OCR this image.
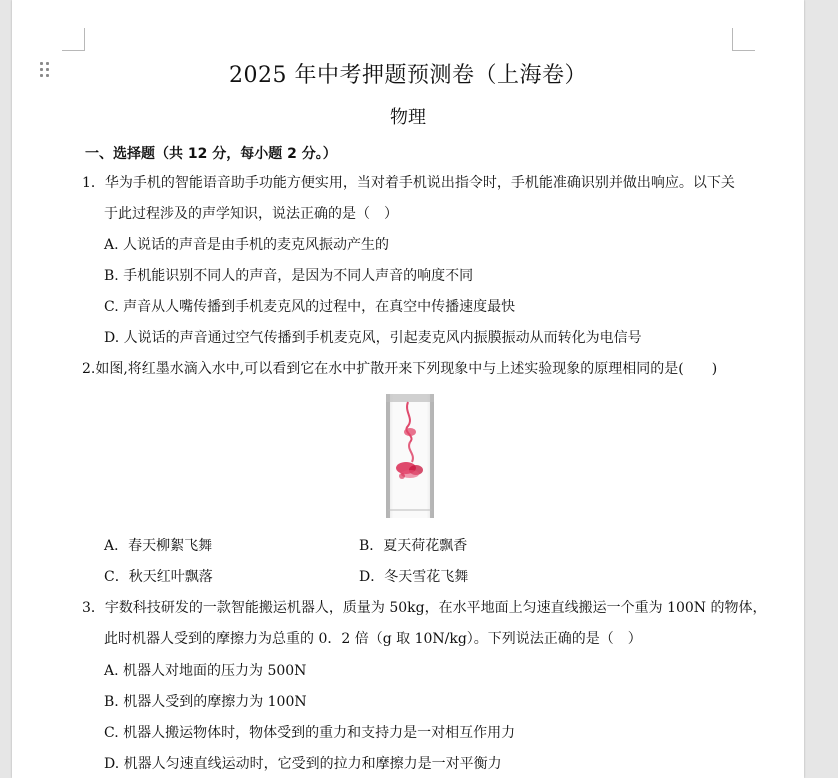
2025 年中考押题预测卷（上海卷）
物理
一、选择题（共 12 分，每小题 2 分。）
1．华为手机的智能语音助手功能方便实用，当对着手机说出指令时，手机能准确识别并做出响应。以下关
于此过程涉及的声学知识，说法正确的是（　）
A. 人说话的声音是由手机的麦克风振动产生的
B. 手机能识别不同人的声音，是因为不同人声音的响度不同
C. 声音从人嘴传播到手机麦克风的过程中，在真空中传播速度最快
D. 人说话的声音通过空气传播到手机麦克风，引起麦克风内振膜振动从而转化为电信号
2.如图,将红墨水滴入水中,可以看到它在水中扩散开来下列现象中与上述实验现象的原理相同的是(　　)
A．春天柳絮飞舞	B．夏天荷花飘香
C．秋天红叶飘落	D．冬天雪花飞舞
3．宇数科技研发的一款智能搬运机器人，质量为 50kg，在水平地面上匀速直线搬运一个重为 100N 的物体，
此时机器人受到的摩擦力为总重的 0．2 倍（g 取 10N/kg）。下列说法正确的是（　）
A. 机器人对地面的压力为 500N
B. 机器人受到的摩擦力为 100N
C. 机器人搬运物体时，物体受到的重力和支持力是一对相互作用力
D. 机器人匀速直线运动时，它受到的拉力和摩擦力是一对平衡力
